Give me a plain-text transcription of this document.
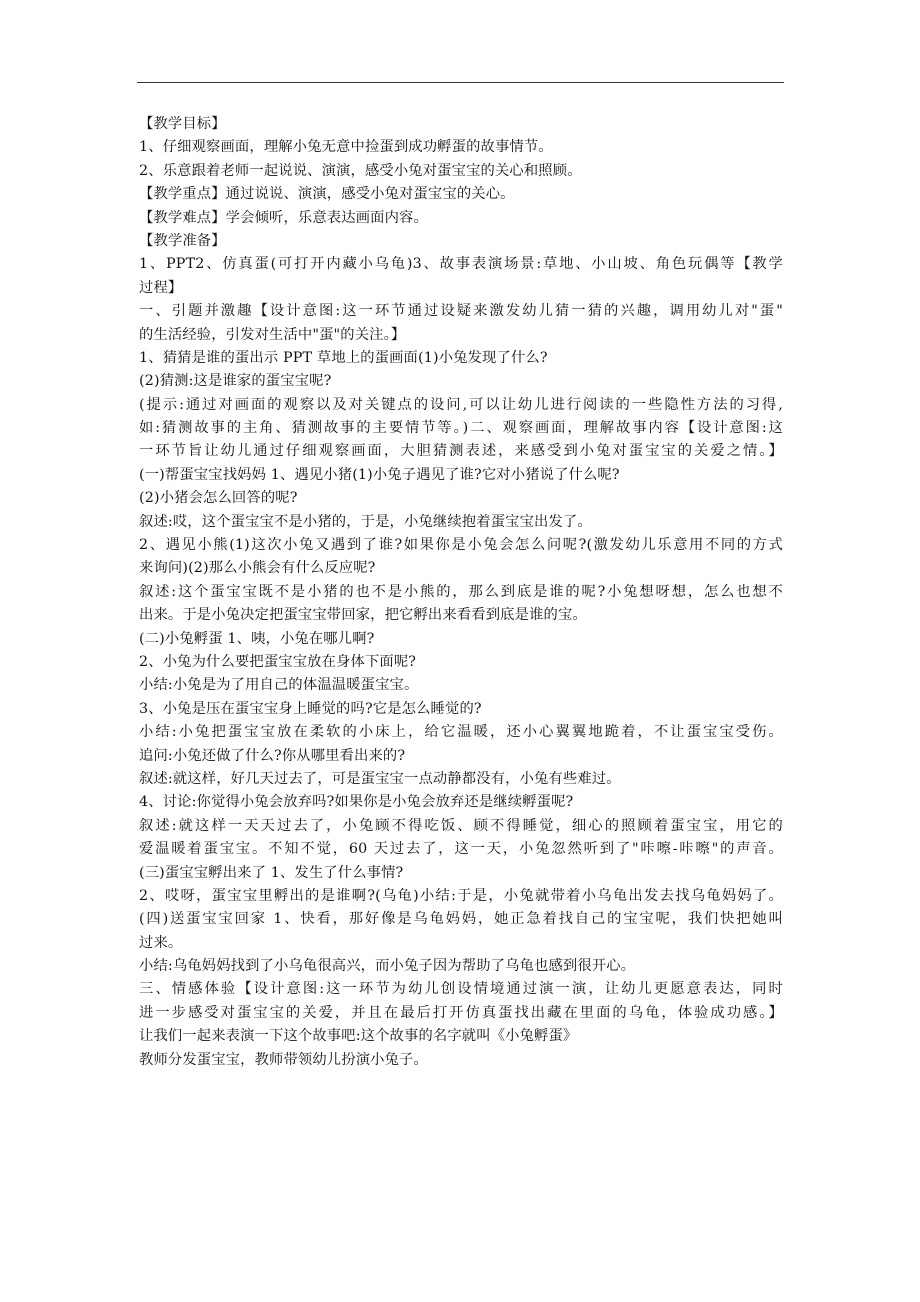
【教学目标】
1、仔细观察画面，理解小兔无意中捡蛋到成功孵蛋的故事情节。
2、乐意跟着老师一起说说、演演，感受小兔对蛋宝宝的关心和照顾。
【教学重点】通过说说、演演，感受小兔对蛋宝宝的关心。
【教学难点】学会倾听，乐意表达画面内容。
【教学准备】
1、PPT2、仿真蛋(可打开内藏小乌龟)3、故事表演场景:草地、小山坡、角色玩偶等【教学
过程】
一、引题并激趣【设计意图:这一环节通过设疑来激发幼儿猜一猜的兴趣，调用幼儿对"蛋"
的生活经验，引发对生活中"蛋"的关注。】
1、猜猜是谁的蛋出示 PPT 草地上的蛋画面(1)小兔发现了什么?
(2)猜测:这是谁家的蛋宝宝呢?
(提示:通过对画面的观察以及对关键点的设问,可以让幼儿进行阅读的一些隐性方法的习得,
如:猜测故事的主角、猜测故事的主要情节等。)二、观察画面，理解故事内容【设计意图:这
一环节旨让幼儿通过仔细观察画面，大胆猜测表述，来感受到小兔对蛋宝宝的关爱之情。】
(一)帮蛋宝宝找妈妈 1、遇见小猪(1)小兔子遇见了谁?它对小猪说了什么呢?
(2)小猪会怎么回答的呢?
叙述:哎，这个蛋宝宝不是小猪的，于是，小兔继续抱着蛋宝宝出发了。
2、遇见小熊(1)这次小兔又遇到了谁?如果你是小兔会怎么问呢?(激发幼儿乐意用不同的方式
来询问)(2)那么小熊会有什么反应呢?
叙述:这个蛋宝宝既不是小猪的也不是小熊的，那么到底是谁的呢?小兔想呀想，怎么也想不
出来。于是小兔决定把蛋宝宝带回家，把它孵出来看看到底是谁的宝。
(二)小兔孵蛋 1、咦，小兔在哪儿啊?
2、小兔为什么要把蛋宝宝放在身体下面呢?
小结:小兔是为了用自己的体温温暖蛋宝宝。
3、小兔是压在蛋宝宝身上睡觉的吗?它是怎么睡觉的?
小结:小兔把蛋宝宝放在柔软的小床上，给它温暖，还小心翼翼地跪着，不让蛋宝宝受伤。
追问:小兔还做了什么?你从哪里看出来的?
叙述:就这样，好几天过去了，可是蛋宝宝一点动静都没有，小兔有些难过。
4、讨论:你觉得小兔会放弃吗?如果你是小兔会放弃还是继续孵蛋呢?
叙述:就这样一天天过去了，小兔顾不得吃饭、顾不得睡觉，细心的照顾着蛋宝宝，用它的
爱温暖着蛋宝宝。不知不觉，60 天过去了，这一天，小兔忽然听到了"咔嚓-咔嚓"的声音。
(三)蛋宝宝孵出来了 1、发生了什么事情?
2、哎呀，蛋宝宝里孵出的是谁啊?(乌龟)小结:于是，小兔就带着小乌龟出发去找乌龟妈妈了。
(四)送蛋宝宝回家 1、快看，那好像是乌龟妈妈，她正急着找自己的宝宝呢，我们快把她叫
过来。
小结:乌龟妈妈找到了小乌龟很高兴，而小兔子因为帮助了乌龟也感到很开心。
三、情感体验【设计意图:这一环节为幼儿创设情境通过演一演，让幼儿更愿意表达，同时
进一步感受对蛋宝宝的关爱，并且在最后打开仿真蛋找出藏在里面的乌龟，体验成功感。】
让我们一起来表演一下这个故事吧:这个故事的名字就叫《小兔孵蛋》
教师分发蛋宝宝，教师带领幼儿扮演小兔子。
